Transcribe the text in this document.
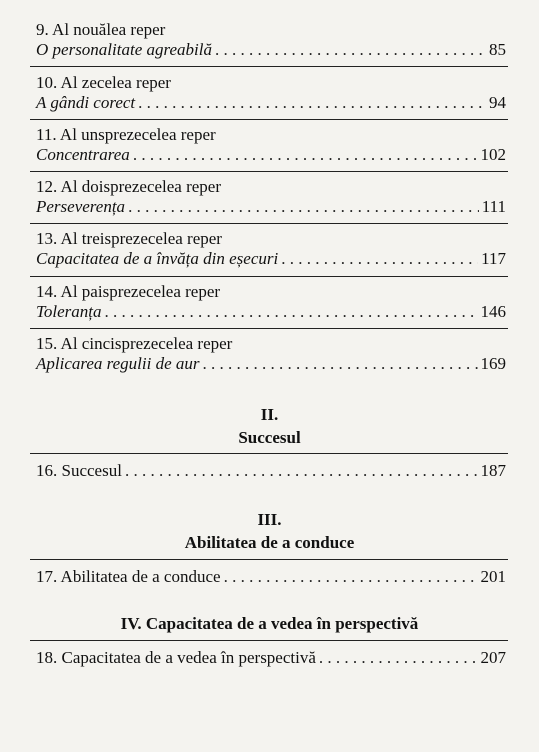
9. Al nouălea reper
O personalitate agreabilă . . .	85
10. Al zecelea reper
A gândi corect . . .	94
11. Al unsprezecelea reper
Concentrarea . . .	102
12. Al doisprezecelea reper
Perseverența . . .	111
13. Al treisprezecelea reper
Capacitatea de a învăța din eșecuri . . .	117
14. Al paisprezecelea reper
Toleranța . . .	146
15. Al cincisprezecelea reper
Aplicarea regulii de aur . . .	169
II.
Succesul
16. Succesul . . .	187
III.
Abilitatea de a conduce
17. Abilitatea de a conduce . . .	201
IV. Capacitatea de a vedea în perspectivă
18. Capacitatea de a vedea în perspectivă . . .	207
